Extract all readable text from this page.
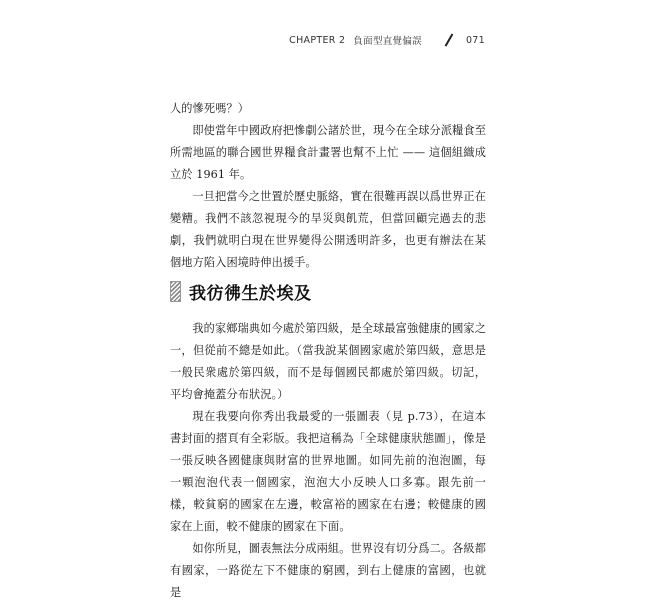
CHAPTER 2 負面型直覺偏誤	071

人的慘死嗎？）

即使當年中國政府把慘劇公諸於世，現今在全球分派糧食至所需地區的聯合國世界糧食計畫署也幫不上忙 —— 這個組織成立於 1961 年。

一旦把當今之世置於歷史脈絡，實在很難再誤以爲世界正在變糟。我們不該忽視現今的旱災與飢荒，但當回顧完過去的悲劇，我們就明白現在世界變得公開透明許多，也更有辦法在某個地方陷入困境時伸出援手。

我彷彿生於埃及

我的家鄉瑞典如今處於第四級，是全球最富強健康的國家之一，但從前不總是如此。（當我說某個國家處於第四級，意思是一般民衆處於第四級，而不是每個國民都處於第四級。切記，平均會掩蓋分布狀況。）

現在我要向你秀出我最愛的一張圖表（見 p.73），在這本書封面的摺頁有全彩版。我把這稱為「全球健康狀態圖」，像是一張反映各國健康與財富的世界地圖。如同先前的泡泡圖，每一顆泡泡代表一個國家，泡泡大小反映人口多寡。跟先前一樣，較貧窮的國家在左邊，較富裕的國家在右邊；較健康的國家在上面，較不健康的國家在下面。

如你所見，圖表無法分成兩組。世界沒有切分爲二。各級都有國家，一路從左下不健康的窮國，到右上健康的富國，也就是
